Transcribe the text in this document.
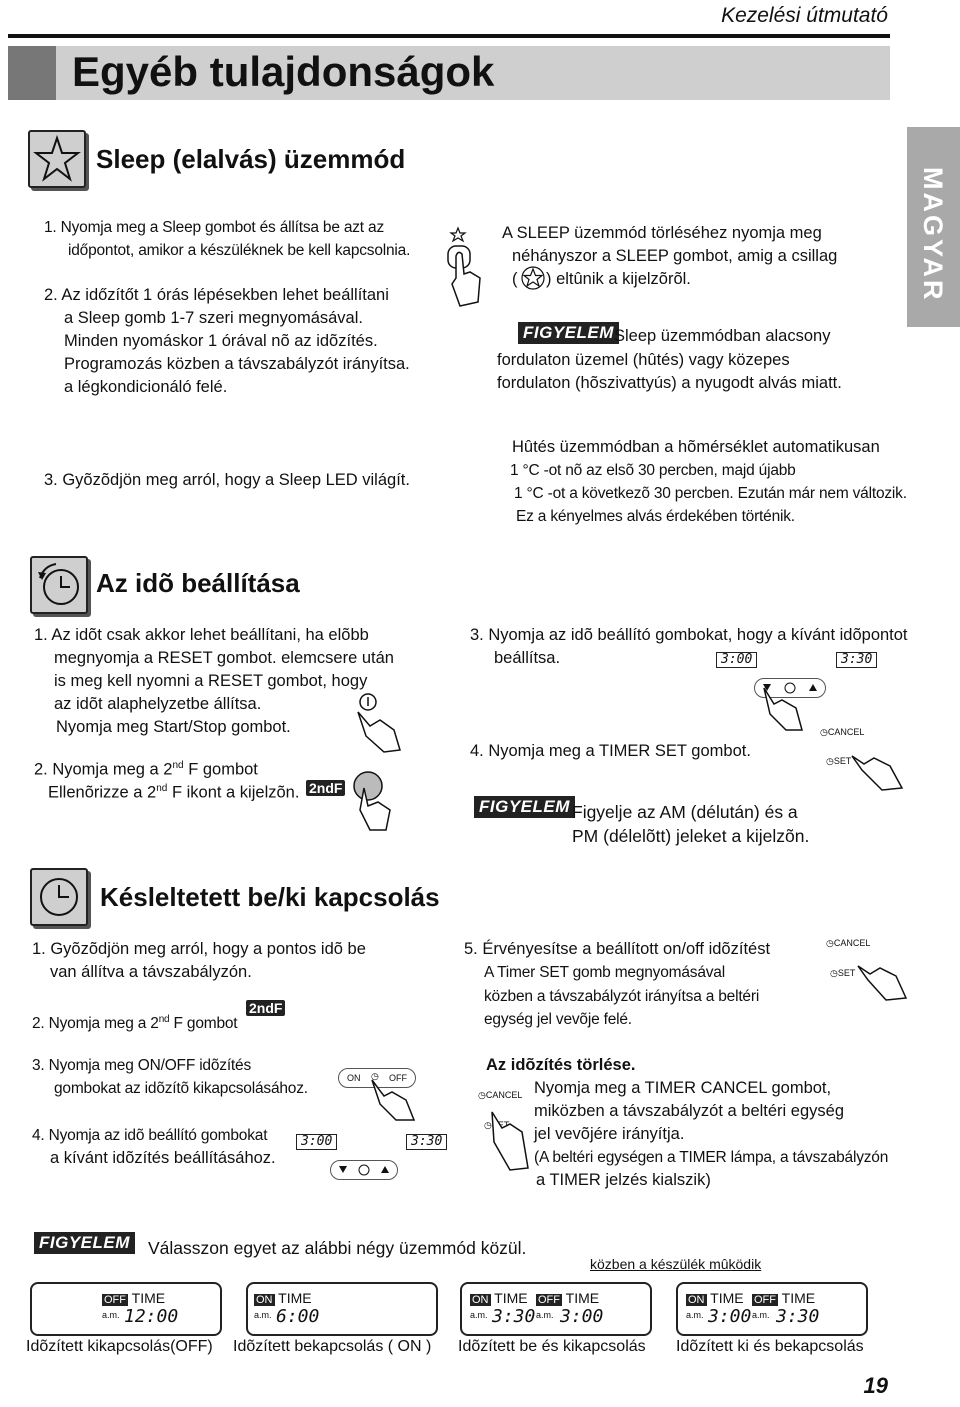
Kezelési útmutató
Egyéb tulajdonságok
MAGYAR
Sleep (elalvás) üzemmód
1. Nyomja meg a Sleep gombot és állítsa be azt az
időpontot, amikor a készüléknek be kell kapcsolnia.
2. Az időzítőt 1 órás lépésekben lehet beállítani
a Sleep gomb 1-7 szeri megnyomásával.
Minden nyomáskor 1 órával nõ az idõzítés.
Programozás közben a távszabályzót irányítsa.
a légkondicionáló felé.
3. Gyõzõdjön meg arról, hogy a Sleep LED világít.
A SLEEP üzemmód törléséhez nyomja meg
néhányszor a SLEEP gombot, amig a csillag
( ) eltûnik a kijelzõrõl.
FIGYELEM Sleep üzemmódban alacsony
fordulaton üzemel (hûtés) vagy közepes
fordulaton (hõszivattyús) a nyugodt alvás miatt.
Hûtés üzemmódban a hõmérséklet automatikusan
1 °C -ot nõ az elsõ 30 percben, majd újabb
1 °C -ot a következõ 30 percben. Ezután már nem változik.
Ez a kényelmes alvás érdekében történik.
Az idõ beállítása
1. Az idõt csak akkor lehet beállítani, ha elõbb
megnyomja a RESET gombot. elemcsere után
is meg kell nyomni a RESET gombot, hogy
az idõt alaphelyzetbe állítsa.
Nyomja meg Start/Stop gombot.
2. Nyomja meg a 2nd F gombot
Ellenõrizze a 2nd F ikont a kijelzõn. 2ndF
3. Nyomja az idõ beállító gombokat, hogy a kívánt idõpontot
beállítsa.	3:00	3:30
4. Nyomja meg a TIMER SET gombot.
◷CANCEL
◷SET
FIGYELEM Figyelje az AM (délután) és a
PM (délelõtt) jeleket a kijelzõn.
Késleltetett be/ki kapcsolás
1. Gyõzõdjön meg arról, hogy a pontos idõ be
van állítva a távszabályzón.
2. Nyomja meg a 2nd F gombot
2ndF
3. Nyomja meg ON/OFF idõzítés
gombokat az idõzítõ kikapcsolásához.
ON ◷ OFF
4. Nyomja az idõ beállító gombokat
a kívánt idõzítés beállításához.
3:00	3:30
5. Érvényesítse a beállított on/off idõzítést
A Timer SET gomb megnyomásával
közben a távszabályzót irányítsa a beltéri
egység jel vevõje felé.
◷CANCEL
◷SET
Az idõzítés törlése.
Nyomja meg a TIMER CANCEL gombot,
miközben a távszabályzót a beltéri egység
jel vevõjére irányítja.
(A beltéri egységen a TIMER lámpa, a távszabályzón
a TIMER jelzés kialszik)
◷CANCEL
◷
FIGYELEM Válasszon egyet az alábbi négy üzemmód közül.
közben a készülék mûködik
OFF TIME
a.m. 12:00
ON TIME
a.m. 6:00
ON TIME
a.m. 3:30
OFF TIME
a.m. 3:00
ON TIME
a.m. 3:00
OFF TIME
a.m. 3:30
Idõzített kikapcsolás(OFF) Idõzített bekapcsolás ( ON ) Idõzített be és kikapcsolás Idõzített ki és bekapcsolás
19
